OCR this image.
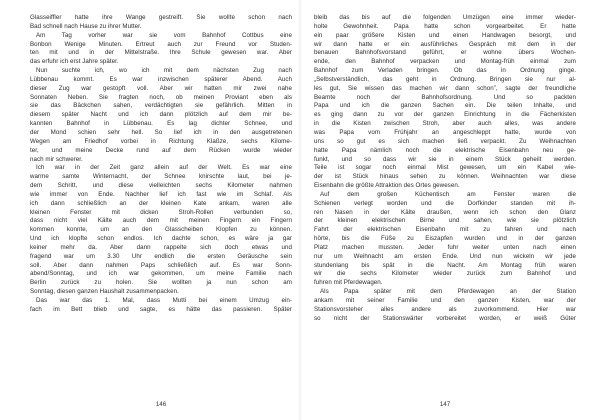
Glasseiffler hatte ihre Wange gestreift. Sie wollte schon nach
Bad schnell nach Hause zu ihrer Mutter.
Am Tag vorher war sie vom Bahnhof Cottbus eine
Bonbon Wenige Minuten. Ertreut auch zur Freund vor Studen-
ten mit und in der Mittelstraße. Ihre Schule gewesen war. Aber
das erfuhr ich erst Jahre später.
Nun suchte ich, wo ich mit dem nächsten Zug nach
Lübbenau kommt. Es war inzwischen späterer Abend. Auch
dieser Zug war gestopft voll. Aber wir hatten mir zwei nahe
Sonnaten Neben. Sie fragten noch, ob meinen Proviant eben als
sie das Bäckchen sahen, verdächtigten sie gefährlich. Mitten in
diesem später Nacht und ich dann plötzlich auf dem mir be-
kannten Bahnhof in Lübbenau. Es lag dichter Schnee, und
der Mond schien sehr hell. So lief ich in den ausgetretenen
Wegen am Friedhof vorbei in Richtung Klaßze, sechs Kilome-
ter, und meine Decke rund auf dem Rücken wurde wieder
nach mir schwerer.
Ich war in der Zeit ganz allein auf der Welt. Es war eine
warme samte Winternacht, der Schnee knirschte laut, bei je-
dem Schritt, und diese vielleichten sechs Kilometer nahmen
wie immer von Ende. Nachher lief ich fast wie im Schlaf. Als
ich dann schließlich an der kleinen Kate ankam, waren alle
kleinen Fenster mit dicken Stroh-Rollen verbunden so,
dass nicht viel Kälte auch dem mit meinen Fingern ein Fingern
kommen konnte, um an den Glasscheiben Klopfen zu können.
Und ich klopfte schon endlos. Ich dachte schon, es wäre ja gar
keiner mehr da. Aber dann rappelte sich doch etwas und
fragend war um 3.30 Uhr endlich die ersten Geräusche sein
soll. Aber dann nahmen Paps schließlich auf. Es war Sonn-
abend/Sonntag, und ich war gekommen, um meine Familie nach
Berlin zurück zu holen. Sie wollten ja nun schon am
Sonntag, diesen ganzen Haushalt zusammenpacken.
Das war das 1. Mal, dass Mutti bei einem Umzug ein-
fach im Bett blieb und sagte, es hätte das passieren. Später
146
bleib das bis auf die folgenden Umzügen eine immer wieder-
holte Gewohnheit. Papa hatte schon vorgearbeitet. Er hatte
ein paar größere Kisten und einen Handwagen besorgt, und
wir dann hatte er ein ausführliches Gespräch mit dem in der
benauen Bahnhofsvorstand geführt, er wohne übers Wochen-
ende, den Bahnhof verpacken und Montag-früh einmal zum
Bahnhof zum Verladen bringen. Ob das in Ordnung ginge.
„Selbstverständlich, das geht in Ordnung. Bringen sie nur al-
les gut, Sie wissen das machen wir dann schon”, sagte der freundliche
Beamte noch der Bahnhofsordnung. Und so packten
Papa und ich die ganzen Sachen ein. Die teilen Inhalte, und
es ging dann zu vor der ganzen Einrichtung in die Fächerkisten
in die Kisten zwischen Stroh, aber auch alles, was andere
was Papa vom Frühjahr an angeschleppt hatte, wurde von
uns so gut es sich machen ließ verpackt. Zu Weihnachten
hatte Papa nämlich noch die elektrische Eisenbahn neu ge-
funkt, und so dass wir sie in einem Stück geheilt werden.
Teile ist sogar noch einmal Mist gewesen, um ein Kabel wie-
der ist Stück hinaus sehen zu können. Weihnachten war diese
Eisenbahn die größte Attraktion des Ortes gewesen.
Auf dem großen Küchentisch am Fenster waren die
Schienen verlegt worden und die Dorfkinder standen mit ih-
ren Nasen in der Kälte draußen, wenn ich schon den Glanz
der kleinen elektrischen Birne und sahen, wie sie plötzlich
Fahrt der elektrischen Eisenbahn mit zu fahren und nach
hörte, bis die Füße zu Eiszapfen wurden und in der ganzen
Platz machen mussten. Jeder fuhr weiter unten nach einen
nur um Weihnacht am ersten Ende. Und nun wickeln wir jede
stundenlang bis spät in die Nacht. Am Montag früh waren
wir die sechs Kilometer wieder zurück zum Bahnhof und
fuhren mit Pferdewagen.
Als Papa später mit dem Pferdewagen an der Station
ankam mit seiner Familie und den ganzen Kisten, war der
Stationsvorsteher alles andere als zuvorkommend. Hier war
so nicht der Stationswärter vorbereitet worden, er weiß Güter
147
